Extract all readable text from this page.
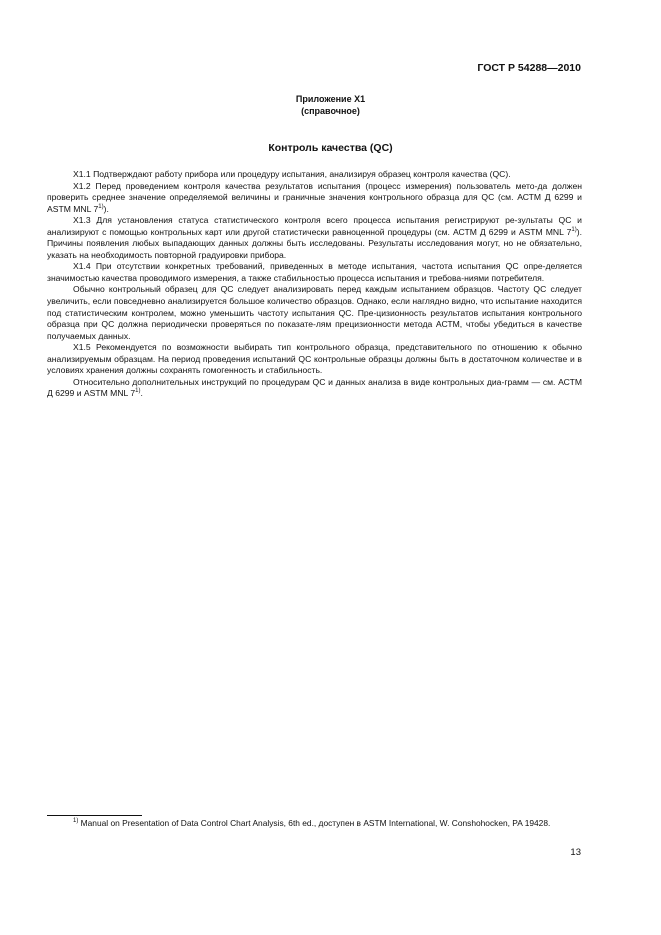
ГОСТ Р 54288—2010
Приложение Х1
(справочное)
Контроль качества (QC)

Х1.1 Подтверждают работу прибора или процедуру испытания, анализируя образец контроля качества (QC).

Х1.2 Перед проведением контроля качества результатов испытания (процесс измерения) пользователь мето-да должен проверить среднее значение определяемой величины и граничные значения контрольного образца для QC (см. АСТМ Д 6299 и ASTM MNL 7$^{1)}$).

Х1.3 Для установления статуса статистического контроля всего процесса испытания регистрируют ре-зультаты QC и анализируют с помощью контрольных карт или другой статистически равноценной процедуры (см. АСТМ Д 6299 и ASTM MNL 7$^{1)}$). Причины появления любых выпадающих данных должны быть исследованы. Результаты исследования могут, но не обязательно, указать на необходимость повторной градуировки прибора.

Х1.4 При отсутствии конкретных требований, приведенных в методе испытания, частота испытания QC опре-деляется значимостью качества проводимого измерения, а также стабильностью процесса испытания и требова-ниями потребителя.

Обычно контрольный образец для QC следует анализировать перед каждым испытанием образцов. Частоту QC следует увеличить, если повседневно анализируется большое количество образцов. Однако, если наглядно видно, что испытание находится под статистическим контролем, можно уменьшить частоту испытания QC. Пре-цизионность результатов испытания контрольного образца при QC должна периодически проверяться по показате-лям прецизионности метода АСТМ, чтобы убедиться в качестве получаемых данных.

Х1.5 Рекомендуется по возможности выбирать тип контрольного образца, представительного по отношению к обычно анализируемым образцам. На период проведения испытаний QC контрольные образцы должны быть в достаточном количестве и в условиях хранения должны сохранять гомогенность и стабильность.

Относительно дополнительных инструкций по процедурам QC и данных анализа в виде контрольных диа-грамм — см. АСТМ Д 6299 и ASTM MNL 7$^{1)}$.

$^{1)}$ Manual on Presentation of Data Control Chart Analysis, 6th ed., доступен в ASTM International, W. Conshohocken, PA 19428.
13
